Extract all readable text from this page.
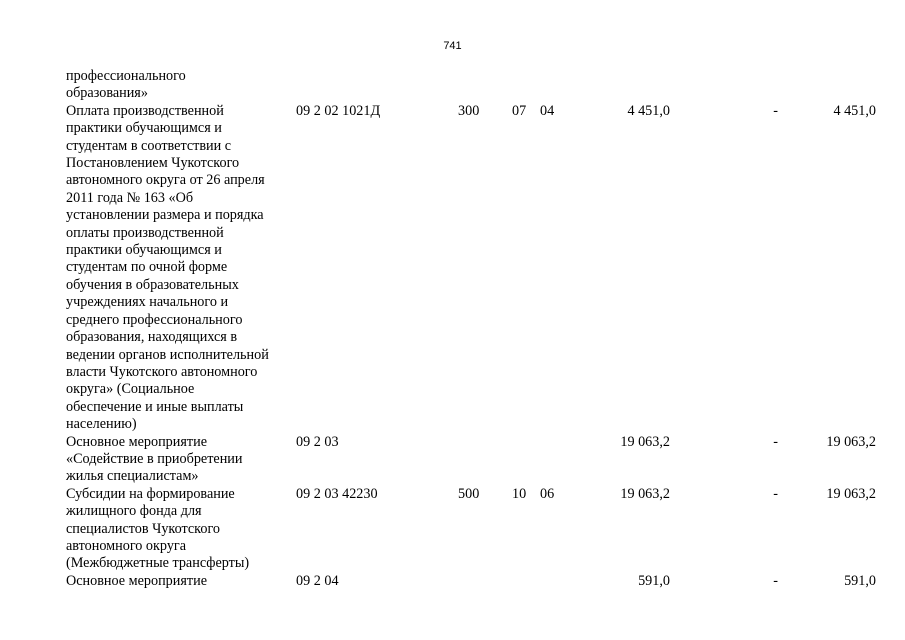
741
профессионального
образования»
Оплата производственной
практики обучающимся и
студентам в соответствии с
Постановлением Чукотского
автономного округа от 26 апреля
2011 года № 163 «Об
установлении размера и порядка
оплаты производственной
практики обучающимся и
студентам по очной форме
обучения в образовательных
учреждениях начального и
среднего профессионального
образования, находящихся в
ведении органов исполнительной
власти Чукотского автономного
округа» (Социальное
обеспечение и иные выплаты
населению)
09 2 02 1021Д	300	07 04	4 451,0	-	4 451,0
Основное мероприятие
«Содействие в приобретении
жилья специалистам»
09 2 03	19 063,2	-	19 063,2
Субсидии на формирование
жилищного фонда для
специалистов Чукотского
автономного округа
(Межбюджетные трансферты)
09 2 03 42230	500	10 06	19 063,2	-	19 063,2
Основное мероприятие	09 2 04	591,0	-	591,0
